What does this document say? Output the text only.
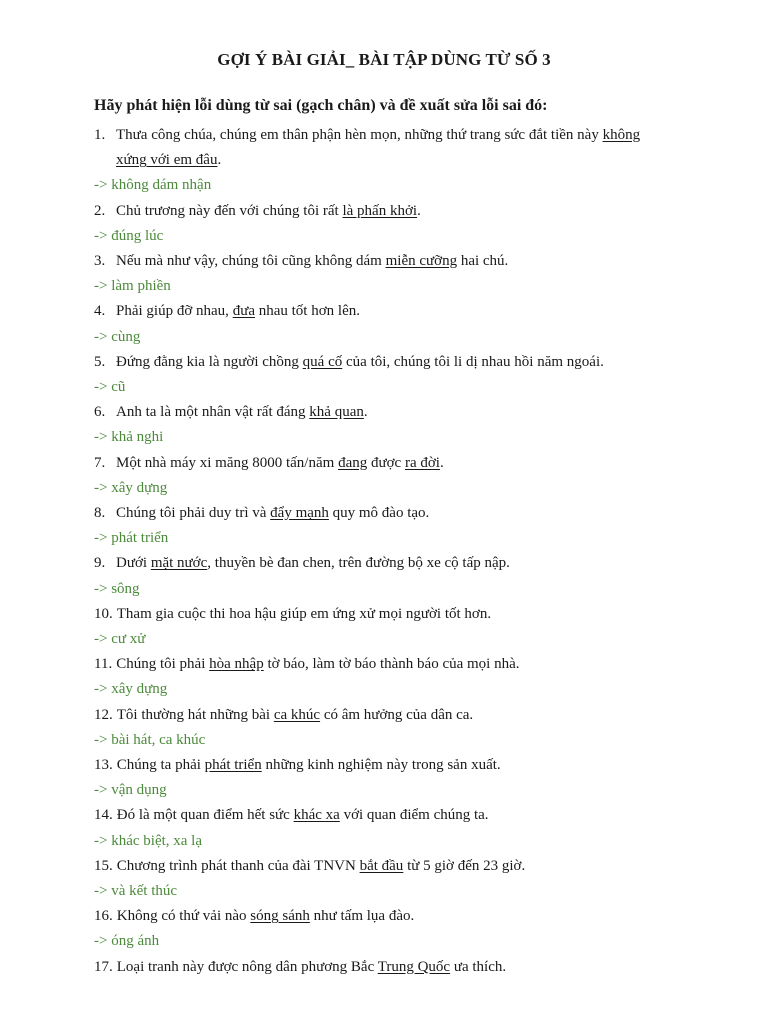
GỢI Ý BÀI GIẢI_ BÀI TẬP DÙNG TỪ SỐ 3
Hãy phát hiện lỗi dùng từ sai (gạch chân) và đề xuất sửa lỗi sai đó:
1. Thưa công chúa, chúng em thân phận hèn mọn, những thứ trang sức đắt tiền này không
xứng với em đâu.
-> không dám nhận
2. Chủ trương này đến với chúng tôi rất là phấn khởi.
-> đúng lúc
3. Nếu mà như vậy, chúng tôi cũng không dám miễn cưỡng hai chú.
-> làm phiền
4. Phải giúp đỡ nhau, đưa nhau tốt hơn lên.
-> cùng
5. Đứng đằng kia là người chồng quá cố của tôi, chúng tôi li dị nhau hồi năm ngoái.
-> cũ
6. Anh ta là một nhân vật rất đáng khả quan.
-> khả nghi
7. Một nhà máy xi măng 8000 tấn/năm đang được ra đời.
-> xây dựng
8. Chúng tôi phải duy trì và đẩy mạnh quy mô đào tạo.
-> phát triển
9. Dưới mặt nước, thuyền bè đan chen, trên đường bộ xe cộ tấp nập.
-> sông
10. Tham gia cuộc thi hoa hậu giúp em ứng xử mọi người tốt hơn.
-> cư xử
11. Chúng tôi phải hòa nhập tờ báo, làm tờ báo thành báo của mọi nhà.
-> xây dựng
12. Tôi thường hát những bài ca khúc có âm hưởng của dân ca.
-> bài hát, ca khúc
13. Chúng ta phải phát triển những kinh nghiệm này trong sản xuất.
-> vận dụng
14. Đó là một quan điểm hết sức khác xa với quan điểm chúng ta.
-> khác biệt, xa lạ
15. Chương trình phát thanh của đài TNVN bắt đầu từ 5 giờ đến 23 giờ.
-> và kết thúc
16. Không có thứ vải nào sóng sánh như tấm lụa đào.
-> óng ánh
17. Loại tranh này được nông dân phương Bắc Trung Quốc ưa thích.
